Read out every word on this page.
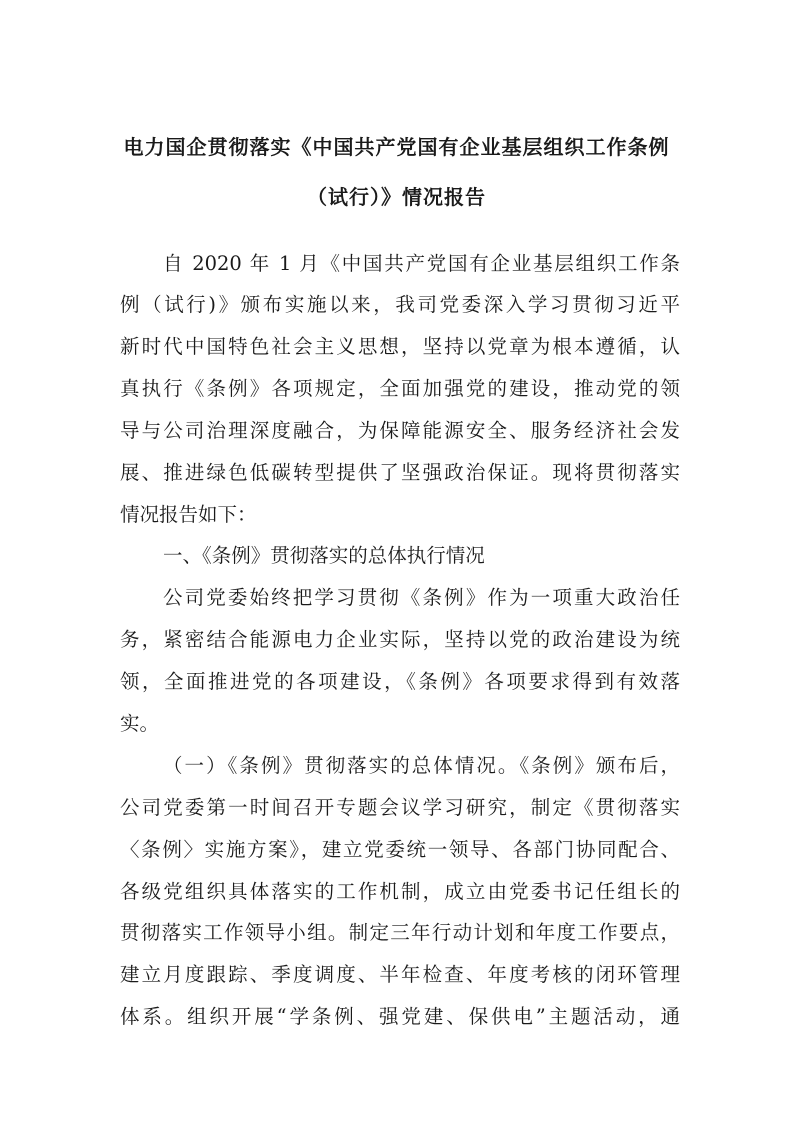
电力国企贯彻落实《中国共产党国有企业基层组织工作条例
（试行）》情况报告
自 2020 年 1 月《中国共产党国有企业基层组织工作条
例（试行)》颁布实施以来，我司党委深入学习贯彻习近平
新时代中国特色社会主义思想，坚持以党章为根本遵循，认
真执行《条例》各项规定，全面加强党的建设，推动党的领
导与公司治理深度融合，为保障能源安全、服务经济社会发
展、推进绿色低碳转型提供了坚强政治保证。现将贯彻落实
情况报告如下：
一、《条例》贯彻落实的总体执行情况
公司党委始终把学习贯彻《条例》作为一项重大政治任
务，紧密结合能源电力企业实际，坚持以党的政治建设为统
领，全面推进党的各项建设，《条例》各项要求得到有效落
实。
（一）《条例》贯彻落实的总体情况。《条例》颁布后，
公司党委第一时间召开专题会议学习研究，制定《贯彻落实
〈条例〉实施方案》，建立党委统一领导、各部门协同配合、
各级党组织具体落实的工作机制，成立由党委书记任组长的
贯彻落实工作领导小组。制定三年行动计划和年度工作要点，
建立月度跟踪、季度调度、半年检查、年度考核的闭环管理
体系。组织开展“学条例、强党建、保供电”主题活动，通
